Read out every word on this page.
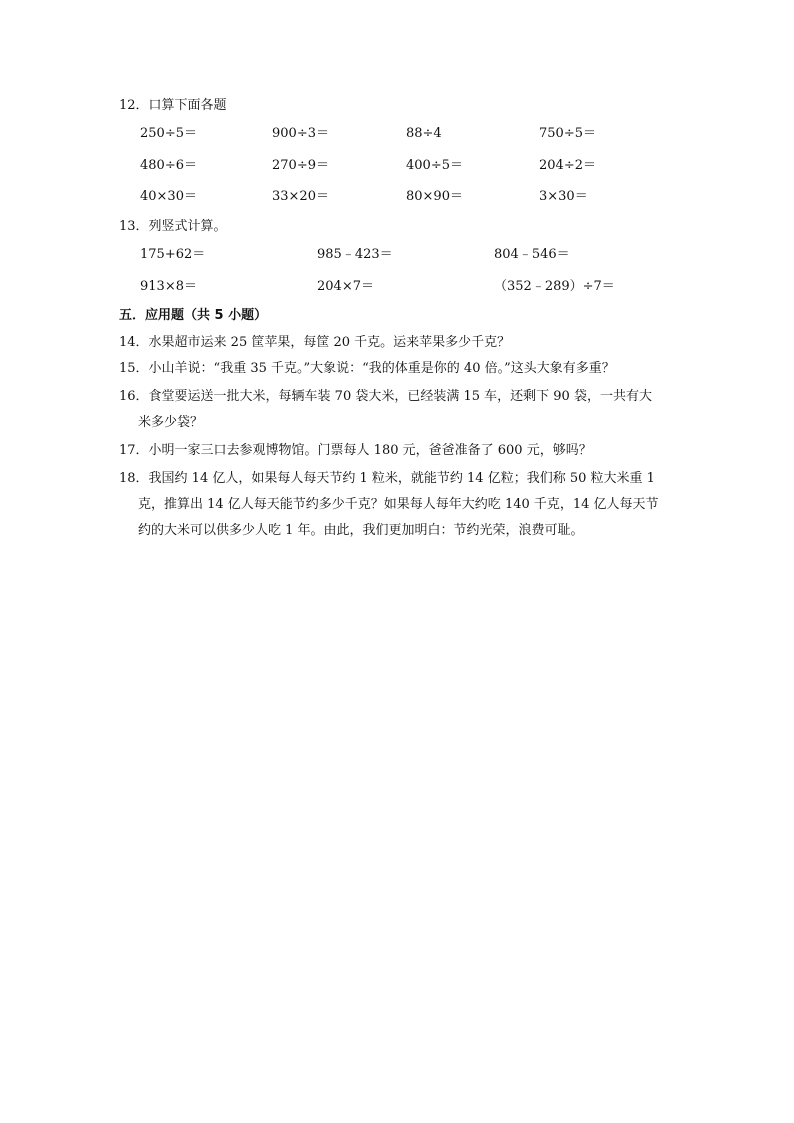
12．口算下面各题
250÷5＝	900÷3＝	88÷4	750÷5＝
480÷6＝	270÷9＝	400÷5＝	204÷2＝
40×30＝	33×20＝	80×90＝	3×30＝
13．列竖式计算。
175+62＝	985﹣423＝	804﹣546＝
913×8＝	204×7＝	（352﹣289）÷7＝
五．应用题（共 5 小题）
14．水果超市运来 25 筐苹果，每筐 20 千克。运来苹果多少千克？
15．小山羊说：“我重 35 千克。”大象说：“我的体重是你的 40 倍。”这头大象有多重？
16．食堂要运送一批大米，每辆车装 70 袋大米，已经装满 15 车，还剩下 90 袋，一共有大
米多少袋？
17．小明一家三口去参观博物馆。门票每人 180 元，爸爸准备了 600 元，够吗？
18．我国约 14 亿人，如果每人每天节约 1 粒米，就能节约 14 亿粒；我们称 50 粒大米重 1
克，推算出 14 亿人每天能节约多少千克？如果每人每年大约吃 140 千克，14 亿人每天节
约的大米可以供多少人吃 1 年。由此，我们更加明白：节约光荣，浪费可耻。
